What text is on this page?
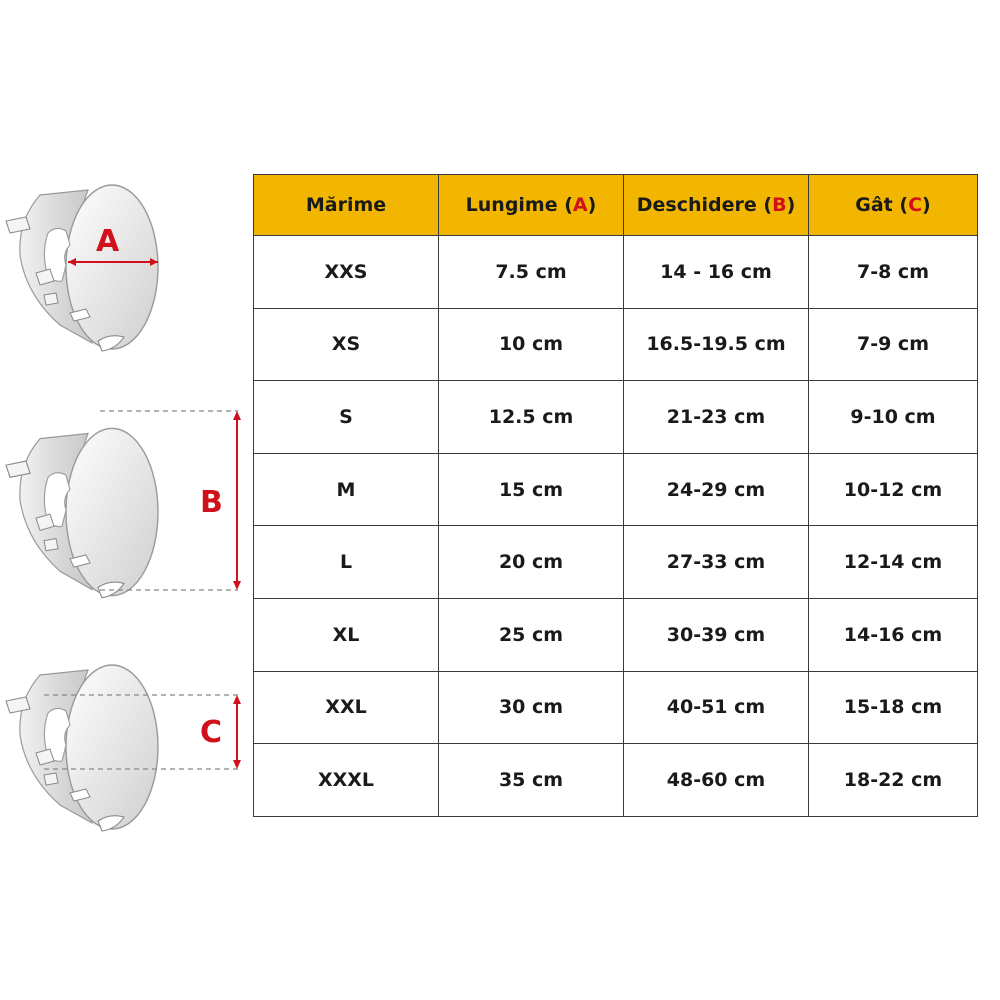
A
B
C
Mărime	Lungime (A)	Deschidere (B)	Gât (C)
XXS	7.5 cm	14 - 16 cm	7-8 cm
XS	10 cm	16.5-19.5 cm	7-9 cm
S	12.5 cm	21-23 cm	9-10 cm
M	15 cm	24-29 cm	10-12 cm
L	20 cm	27-33 cm	12-14 cm
XL	25 cm	30-39 cm	14-16 cm
XXL	30 cm	40-51 cm	15-18 cm
XXXL	35 cm	48-60 cm	18-22 cm
